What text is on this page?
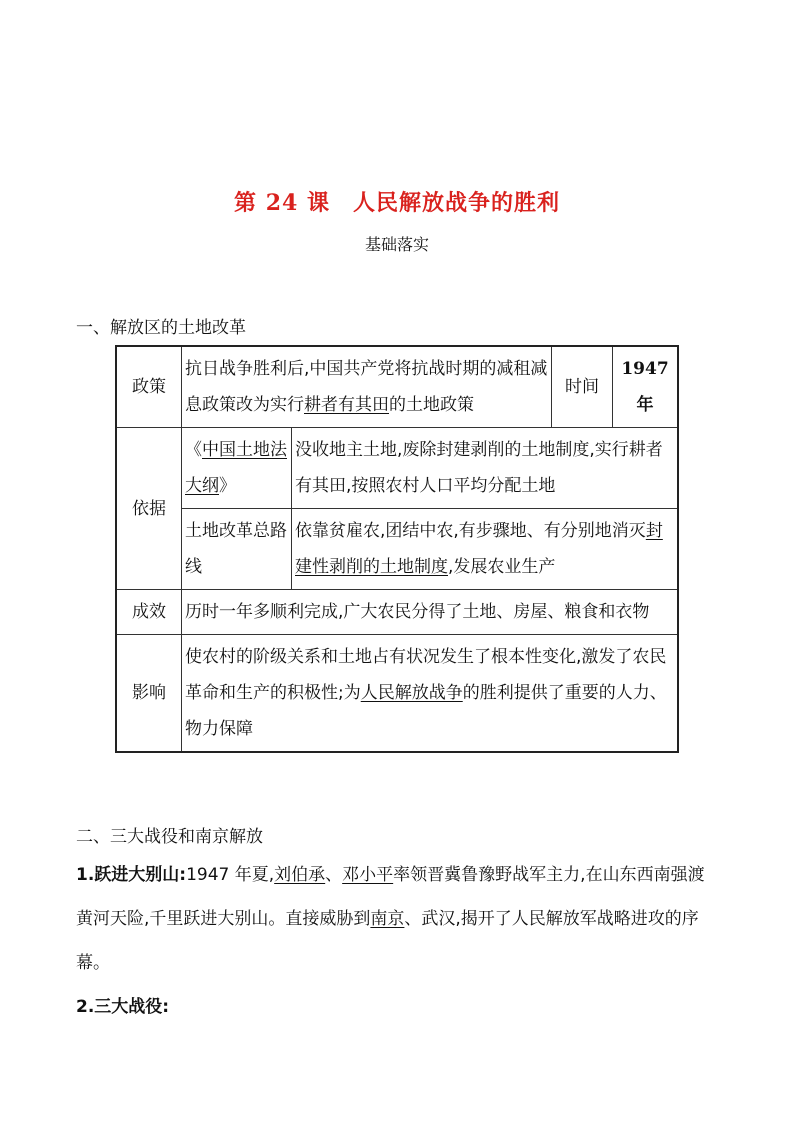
第 24 课　人民解放战争的胜利
基础落实
一、解放区的土地改革
政策	抗日战争胜利后,中国共产党将抗战时期的减租减息政策改为实行耕者有其田的土地政策		时间	1947 年
依据	《中国土地法大纲》	没收地主土地,废除封建剥削的土地制度,实行耕者有其田,按照农村人口平均分配土地		
	土地改革总路线	依靠贫雇农,团结中农,有步骤地、有分别地消灭封建性剥削的土地制度,发展农业生产		
成效	历时一年多顺利完成,广大农民分得了土地、房屋、粮食和衣物			
影响	使农村的阶级关系和土地占有状况发生了根本性变化,激发了农民革命和生产的积极性;为人民解放战争的胜利提供了重要的人力、物力保障			
二、三大战役和南京解放
1.跃进大别山:1947 年夏,刘伯承、邓小平率领晋冀鲁豫野战军主力,在山东西南强渡黄河天险,千里跃进大别山。直接威胁到南京、武汉,揭开了人民解放军战略进攻的序幕。
2.三大战役:
